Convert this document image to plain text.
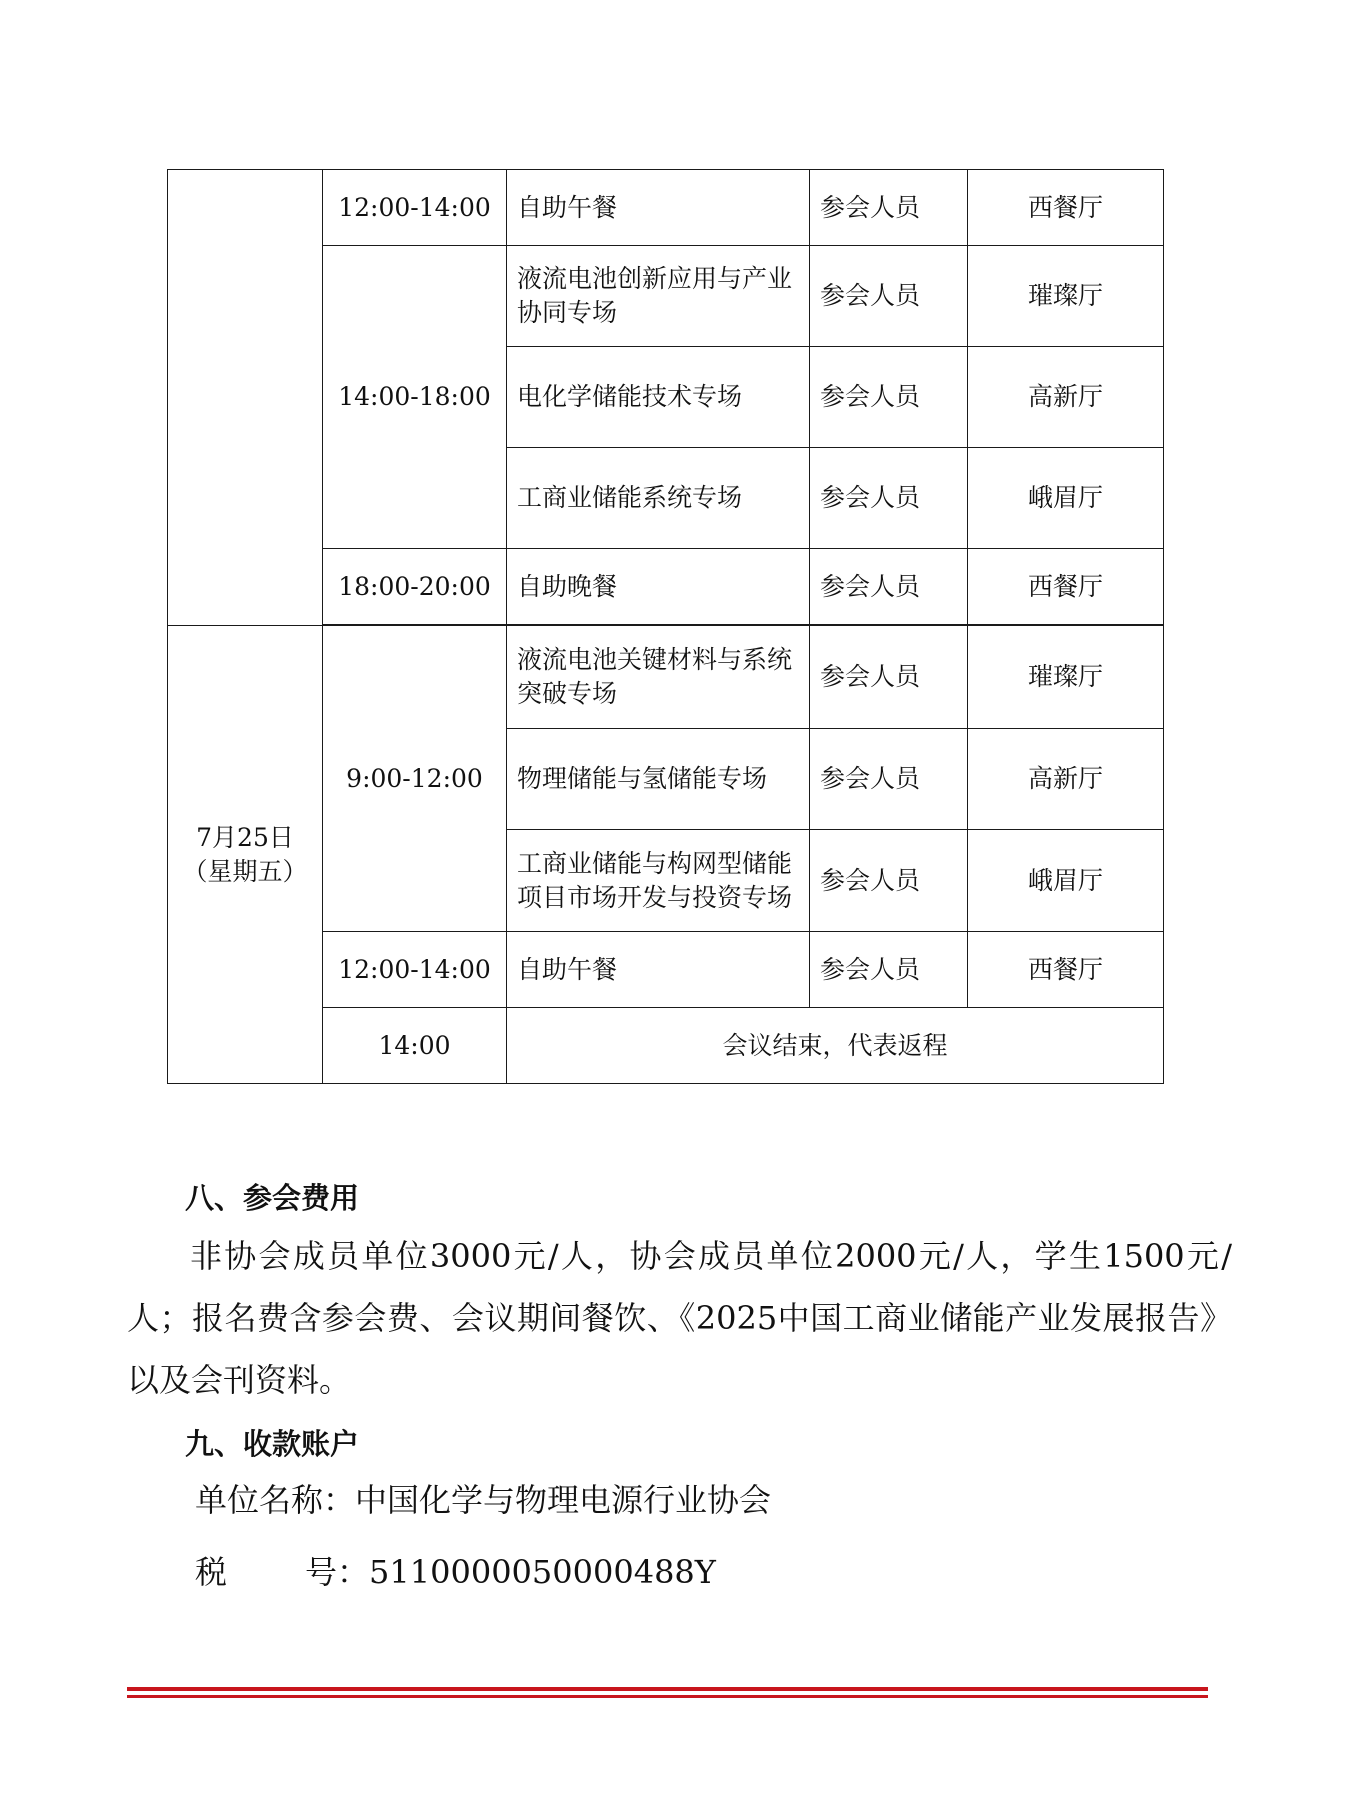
	12:00-14:00	自助午餐	参会人员	西餐厅
	14:00-18:00	液流电池创新应用与产业协同专场	参会人员	璀璨厅
		电化学储能技术专场	参会人员	高新厅
		工商业储能系统专场	参会人员	峨眉厅
	18:00-20:00	自助晚餐	参会人员	西餐厅

7月25日
（星期五）	9:00-12:00	液流电池关键材料与系统突破专场	参会人员	璀璨厅
		物理储能与氢储能专场	参会人员	高新厅
		工商业储能与构网型储能项目市场开发与投资专场	参会人员	峨眉厅
	12:00-14:00	自助午餐	参会人员	西餐厅
	14:00	会议结束，代表返程		
八、参会费用

非协会成员单位3000元/人，协会成员单位2000元/人，学生1500元/人；报名费含参会费、会议期间餐饮、《2025中国工商业储能产业发展报告》以及会刊资料。

九、收款账户
单位名称：中国化学与物理电源行业协会
税 号：5110000050000488Y
